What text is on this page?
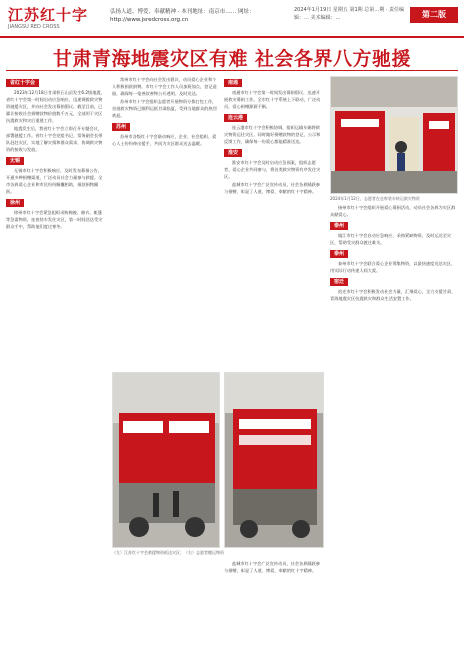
江苏红十字
JIANGSU RED CROSS
弘扬人道、博爱、奉献精神 · 本刊地址：南京市…… 网址：http://www.jsredcross.org.cn
2024年1月19日 星期五 第1期 总第…期 · 责任编辑：… 美术编辑：…	第二版
甘肃青海地震灾区有难 社会各界八方驰援
省红十字会

2023年12月18日甘肃积石山县发生6.2级地震，省红十字会第一时间启动应急响应，迅速调拨救灾物资驰援灾区，并向社会发出募捐倡议。截至目前，已累计接收社会捐赠款物价值数千万元，全部用于灾区抗震救灾和灾后重建工作。

地震发生后，我省红十字会立即召开专题会议，部署驰援工作。省红十字会党组书记、常务副会长带队赶赴灾区，实地了解灾情和群众需求，协调救灾物资的接收与发放。

无锡

无锡市红十字会积极响应，及时发布募捐公告，开通多种捐赠渠道，广泛动员社会力量参与救援。全市各界爱心企业和市民纷纷解囊相助，捐款捐物踊跃。

徐州

徐州市红十字会紧急组织采购棉被、棉衣、帐篷等急需物资，连夜装车发往灾区，第一时间送达受灾群众手中，帮助他们度过寒冬。

常州市红十字会向社会发出倡议，动员爱心企业和个人积极捐款捐物。市红十字会工作人员加班加点，登记造册，确保每一笔善款善物公开透明、及时送达。

苏州市红十字会组织志愿者开展物资分拣打包工作，首批救灾物资已顺利运抵甘肃临夏，受到当地群众的热烈欢迎。

苏州

苏州市各级红十字会联动响应，企业、社会组织、爱心人士纷纷伸出援手，共同为灾区群众送去温暖。

（左）江苏红十字会救援物资抵达灾区；（右）志愿者搬运物资
南通

南通市红十字会第一时间发出募捐倡议，迅速开展救灾募捐工作。全市红十字系统上下联动，广泛动员，爱心捐赠源源不断。

连云港

连云港市红十字会积极协调，组织运输车辆将救灾物资运往灾区，同时做好捐赠款物的登记、公示和反馈工作，确保每一份爱心都能精准送达。

淮安

淮安市红十字会及时启动应急预案，组织志愿者、爱心企业共同参与，将各类救灾物资有序发往灾区。

盐城市红十字会广泛宣传动员，社会各界踊跃参与捐赠，彰显了人道、博爱、奉献的红十字精神。

盐城市红十字会广泛宣传动员，社会各界踊跃参与捐赠，彰显了人道、博爱、奉献的红十字精神。

2024年1月12日，志愿者在仓库装车转运救灾物资

扬州市红十字会组织开展爱心募捐活动，动员社会各界为灾区群众献爱心。

泰州

镇江市红十字会启动应急响应，采购紧缺物资，及时运送至灾区，帮助受灾群众渡过难关。

泰州

泰州市红十字会联合爱心企业筹集物资，以最快速度送达灾区，用实际行动传递人间大爱。

宿迁

宿迁市红十字会积极发动社会力量，汇聚爱心，全力支援甘肃、青海地震灾区抗震救灾和群众生活安置工作。
